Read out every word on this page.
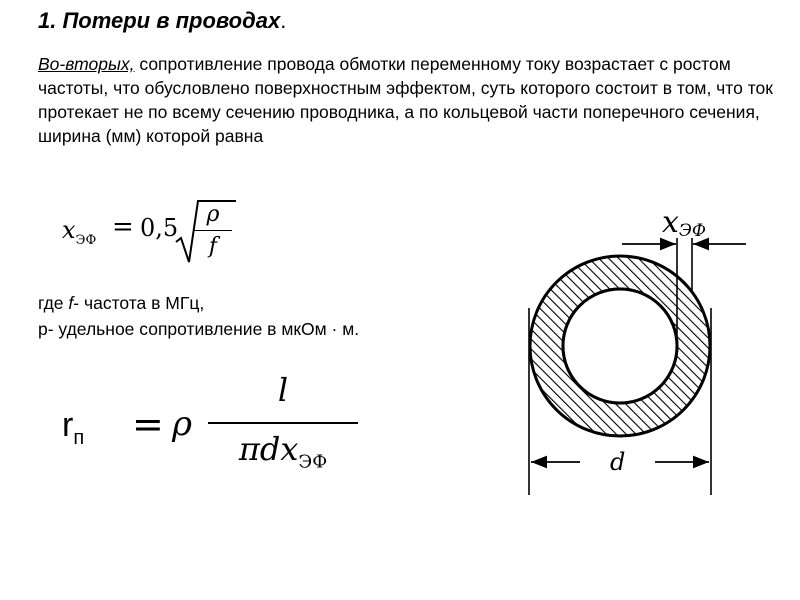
1. Потери в проводах.
Во-вторых, сопротивление провода обмотки переменному току возрастает с ростом частоты, что обусловлено поверхностным эффектом, суть которого состоит в том, что ток протекает не по всему сечению проводника, а по кольцевой части поперечного сечения, ширина (мм) которой равна
$x_{ЭФ} = 0,5$	ρ
f
где f- частота в МГц,
р- удельное сопротивление в мкОм · м.
$r_п = \rho$
l
πdx$_{ЭФ}$
xЭФ
d
